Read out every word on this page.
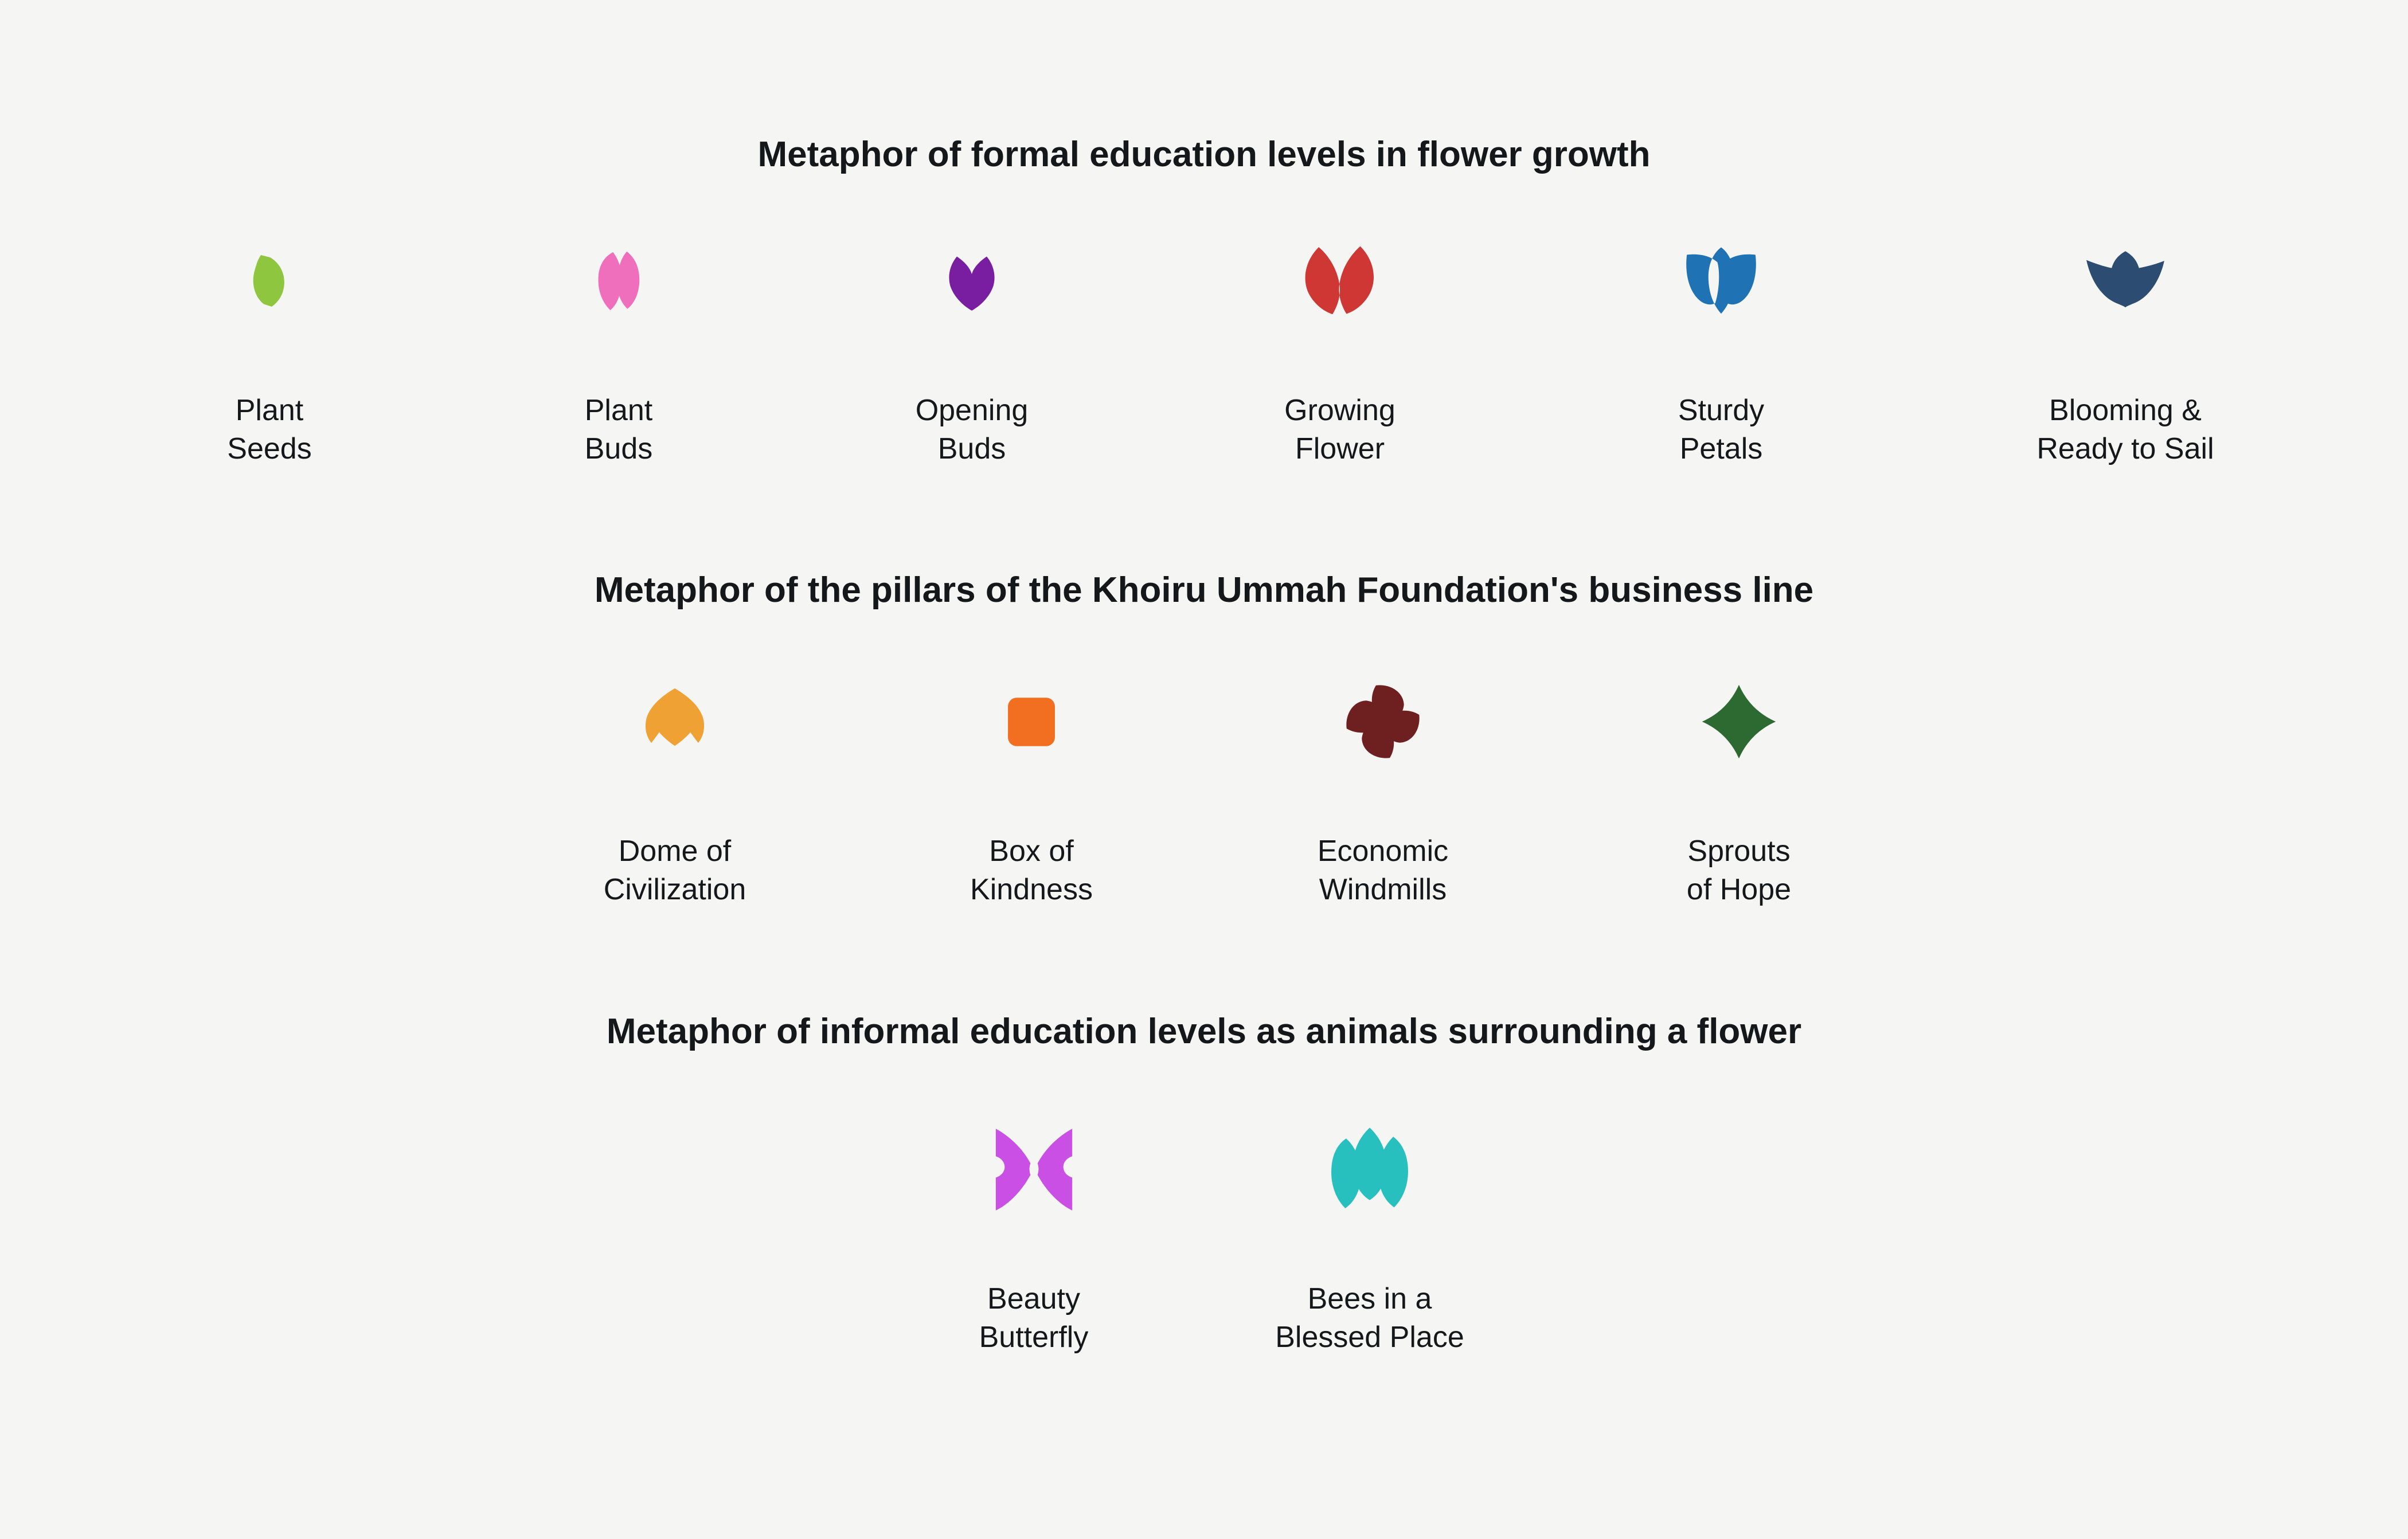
Metaphor of formal education levels in flower growth
Plant
Seeds
Plant
Buds
Opening
Buds
Growing
Flower
Sturdy
Petals
Blooming &
Ready to Sail
Metaphor of the pillars of the Khoiru Ummah Foundation's business line
Dome of
Civilization
Box of
Kindness
Economic
Windmills
Sprouts
of Hope
Metaphor of informal education levels as animals surrounding a flower
Beauty
Butterfly
Bees in a
Blessed Place
